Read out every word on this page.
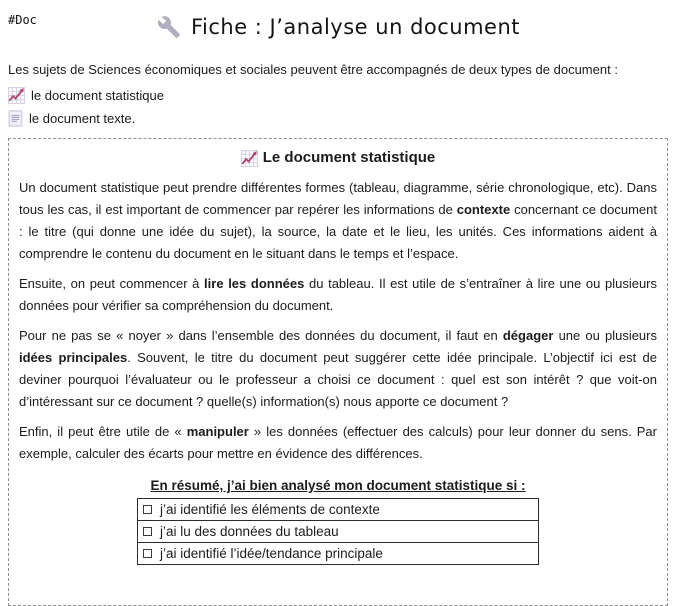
#Doc	Fiche : J’analyse un document
Les sujets de Sciences économiques et sociales peuvent être accompagnés de deux types de document :
le document statistique
le document texte.
Le document statistique

Un document statistique peut prendre différentes formes (tableau, diagramme, série chronologique, etc). Dans tous les cas, il est important de commencer par repérer les informations de contexte concernant ce document : le titre (qui donne une idée du sujet), la source, la date et le lieu, les unités. Ces informations aident à comprendre le contenu du document en le situant dans le temps et l’espace.

Ensuite, on peut commencer à lire les données du tableau. Il est utile de s’entraîner à lire une ou plusieurs données pour vérifier sa compréhension du document.

Pour ne pas se « noyer » dans l’ensemble des données du document, il faut en dégager une ou plusieurs idées principales. Souvent, le titre du document peut suggérer cette idée principale. L’objectif ici est de deviner pourquoi l’évaluateur ou le professeur a choisi ce document : quel est son intérêt ? que voit-on d’intéressant sur ce document ? quelle(s) information(s) nous apporte ce document ?

Enfin, il peut être utile de « manipuler » les données (effectuer des calculs) pour leur donner du sens. Par exemple, calculer des écarts pour mettre en évidence des différences.

En résumé, j’ai bien analysé mon document statistique si :
j’ai identifié les éléments de contexte
j’ai lu des données du tableau
j’ai identifié l’idée/tendance principale
